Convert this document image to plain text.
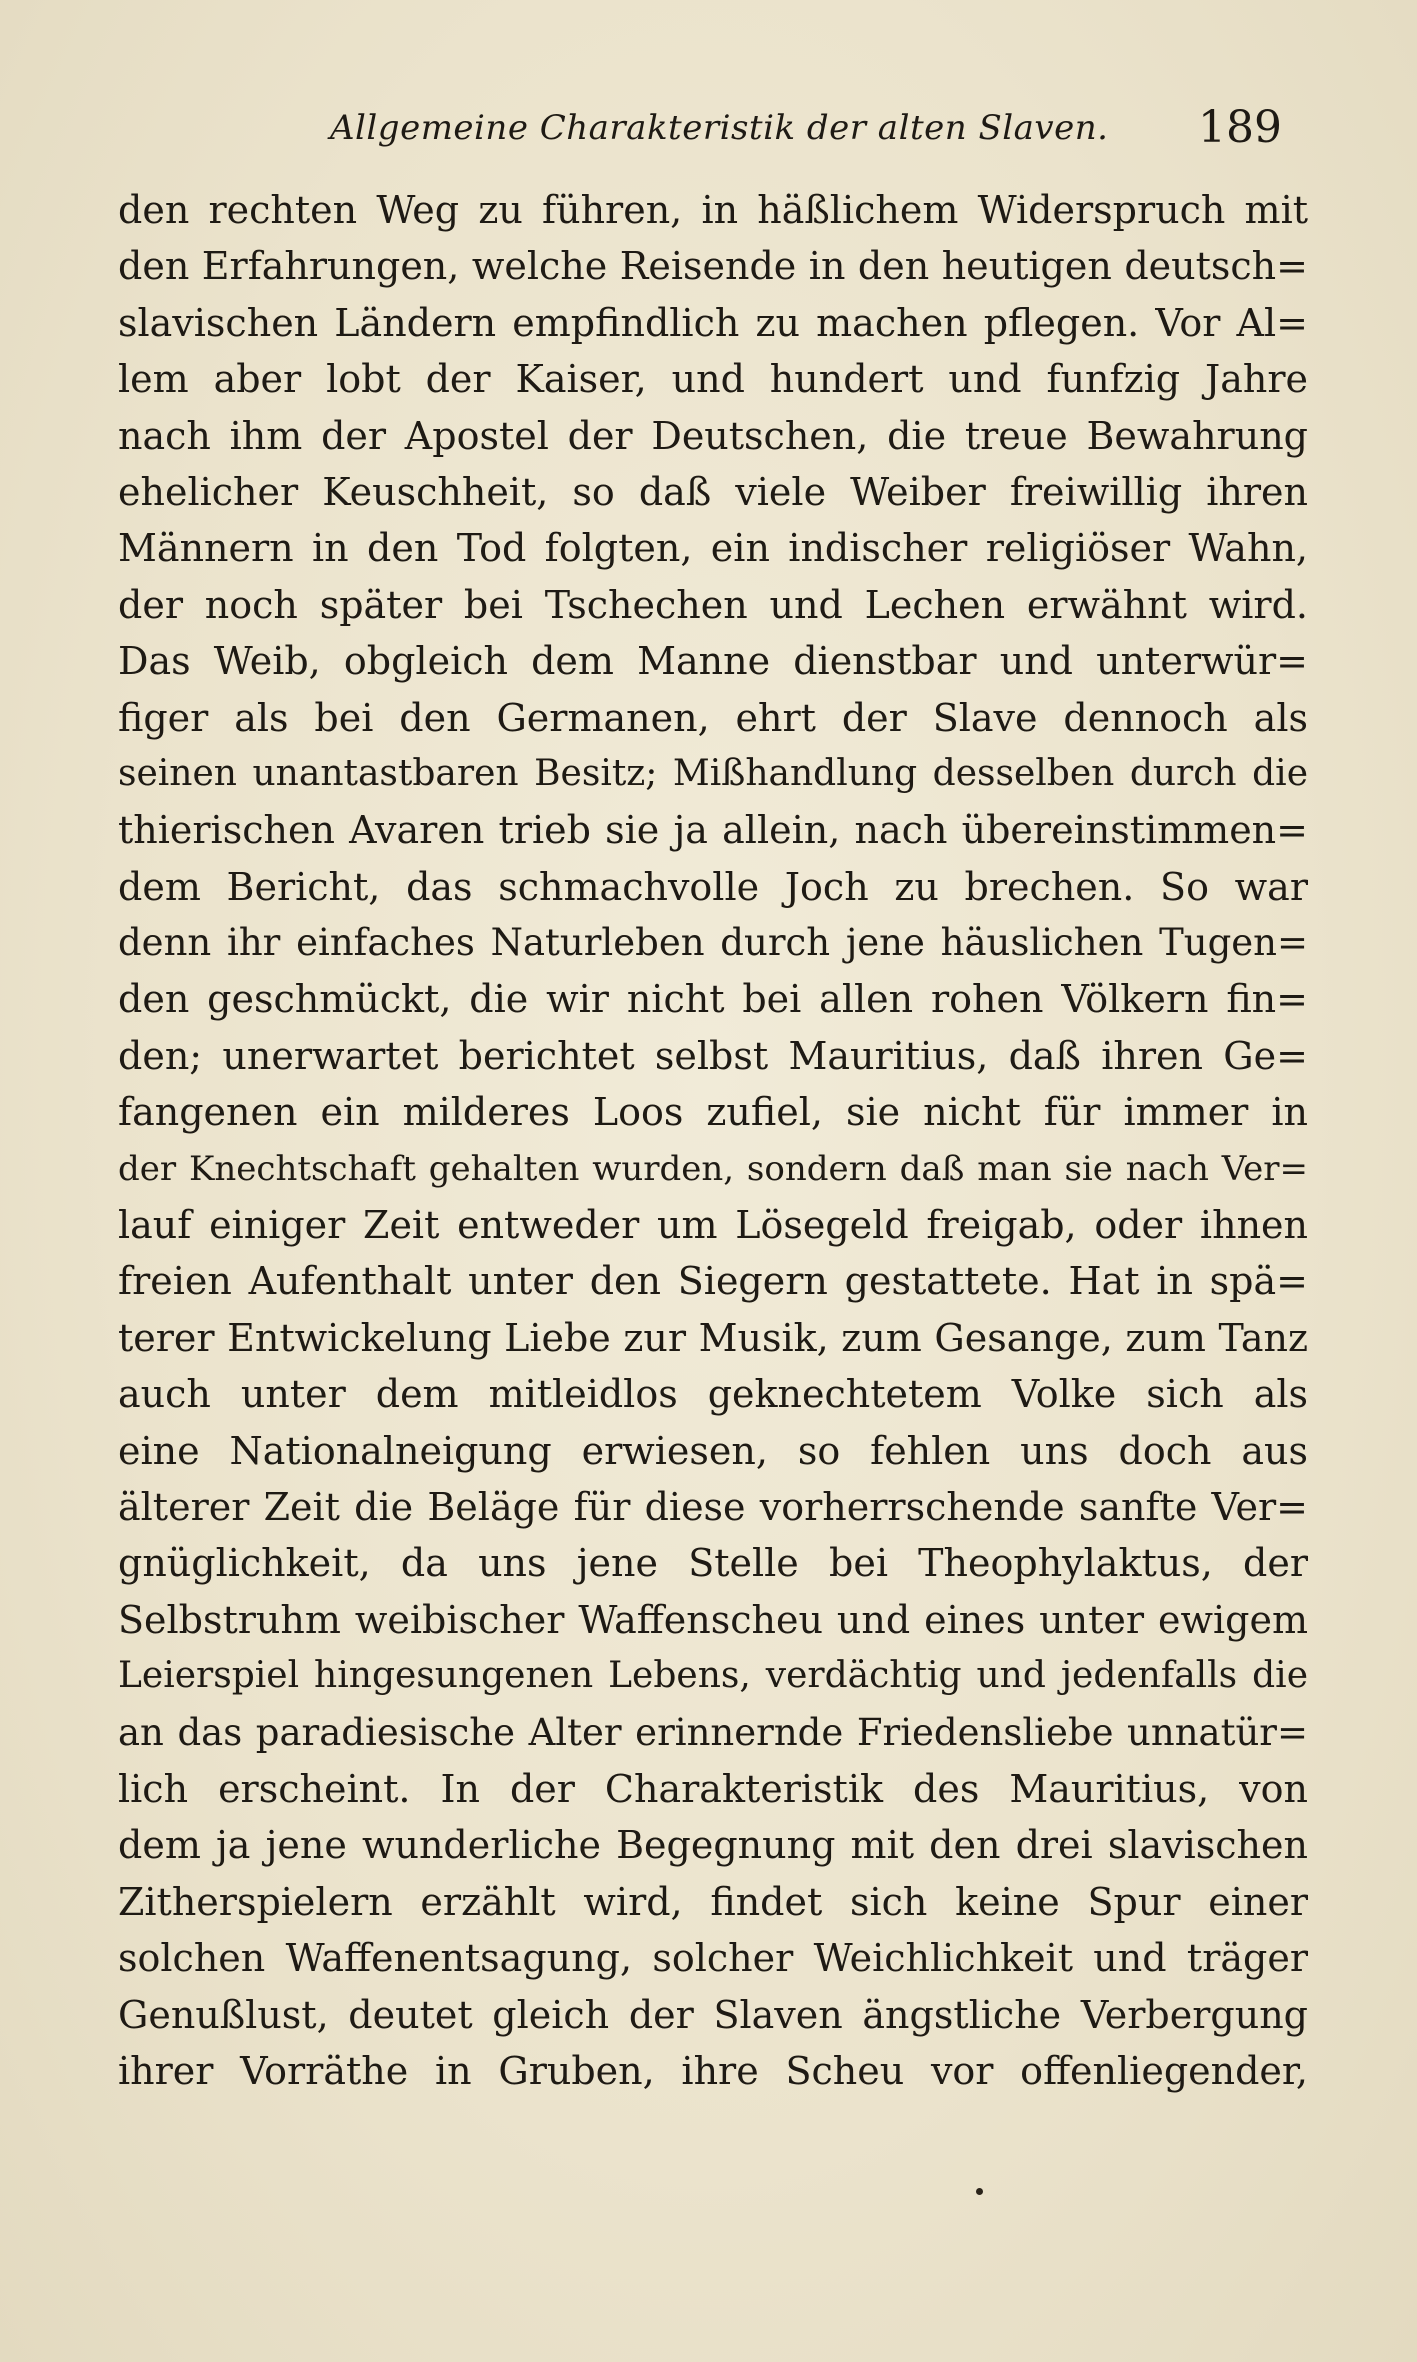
Allgemeine Charakteristik der alten Slaven. 189
den rechten Weg zu führen, in häßlichem Widerspruch mit
den Erfahrungen, welche Reisende in den heutigen deutsch=
slavischen Ländern empfindlich zu machen pflegen. Vor Al=
lem aber lobt der Kaiser, und hundert und funfzig Jahre
nach ihm der Apostel der Deutschen, die treue Bewahrung
ehelicher Keuschheit, so daß viele Weiber freiwillig ihren
Männern in den Tod folgten, ein indischer religiöser Wahn,
der noch später bei Tschechen und Lechen erwähnt wird.
Das Weib, obgleich dem Manne dienstbar und unterwür=
figer als bei den Germanen, ehrt der Slave dennoch als
seinen unantastbaren Besitz; Mißhandlung desselben durch die
thierischen Avaren trieb sie ja allein, nach übereinstimmen=
dem Bericht, das schmachvolle Joch zu brechen. So war
denn ihr einfaches Naturleben durch jene häuslichen Tugen=
den geschmückt, die wir nicht bei allen rohen Völkern fin=
den; unerwartet berichtet selbst Mauritius, daß ihren Ge=
fangenen ein milderes Loos zufiel, sie nicht für immer in
der Knechtschaft gehalten wurden, sondern daß man sie nach Ver=
lauf einiger Zeit entweder um Lösegeld freigab, oder ihnen
freien Aufenthalt unter den Siegern gestattete. Hat in spä=
terer Entwickelung Liebe zur Musik, zum Gesange, zum Tanz
auch unter dem mitleidlos geknechtetem Volke sich als
eine Nationalneigung erwiesen, so fehlen uns doch aus
älterer Zeit die Beläge für diese vorherrschende sanfte Ver=
gnüglichkeit, da uns jene Stelle bei Theophylaktus, der
Selbstruhm weibischer Waffenscheu und eines unter ewigem
Leierspiel hingesungenen Lebens, verdächtig und jedenfalls die
an das paradiesische Alter erinnernde Friedensliebe unnatür=
lich erscheint. In der Charakteristik des Mauritius, von
dem ja jene wunderliche Begegnung mit den drei slavischen
Zitherspielern erzählt wird, findet sich keine Spur einer
solchen Waffenentsagung, solcher Weichlichkeit und träger
Genußlust, deutet gleich der Slaven ängstliche Verbergung
ihrer Vorräthe in Gruben, ihre Scheu vor offenliegender,
